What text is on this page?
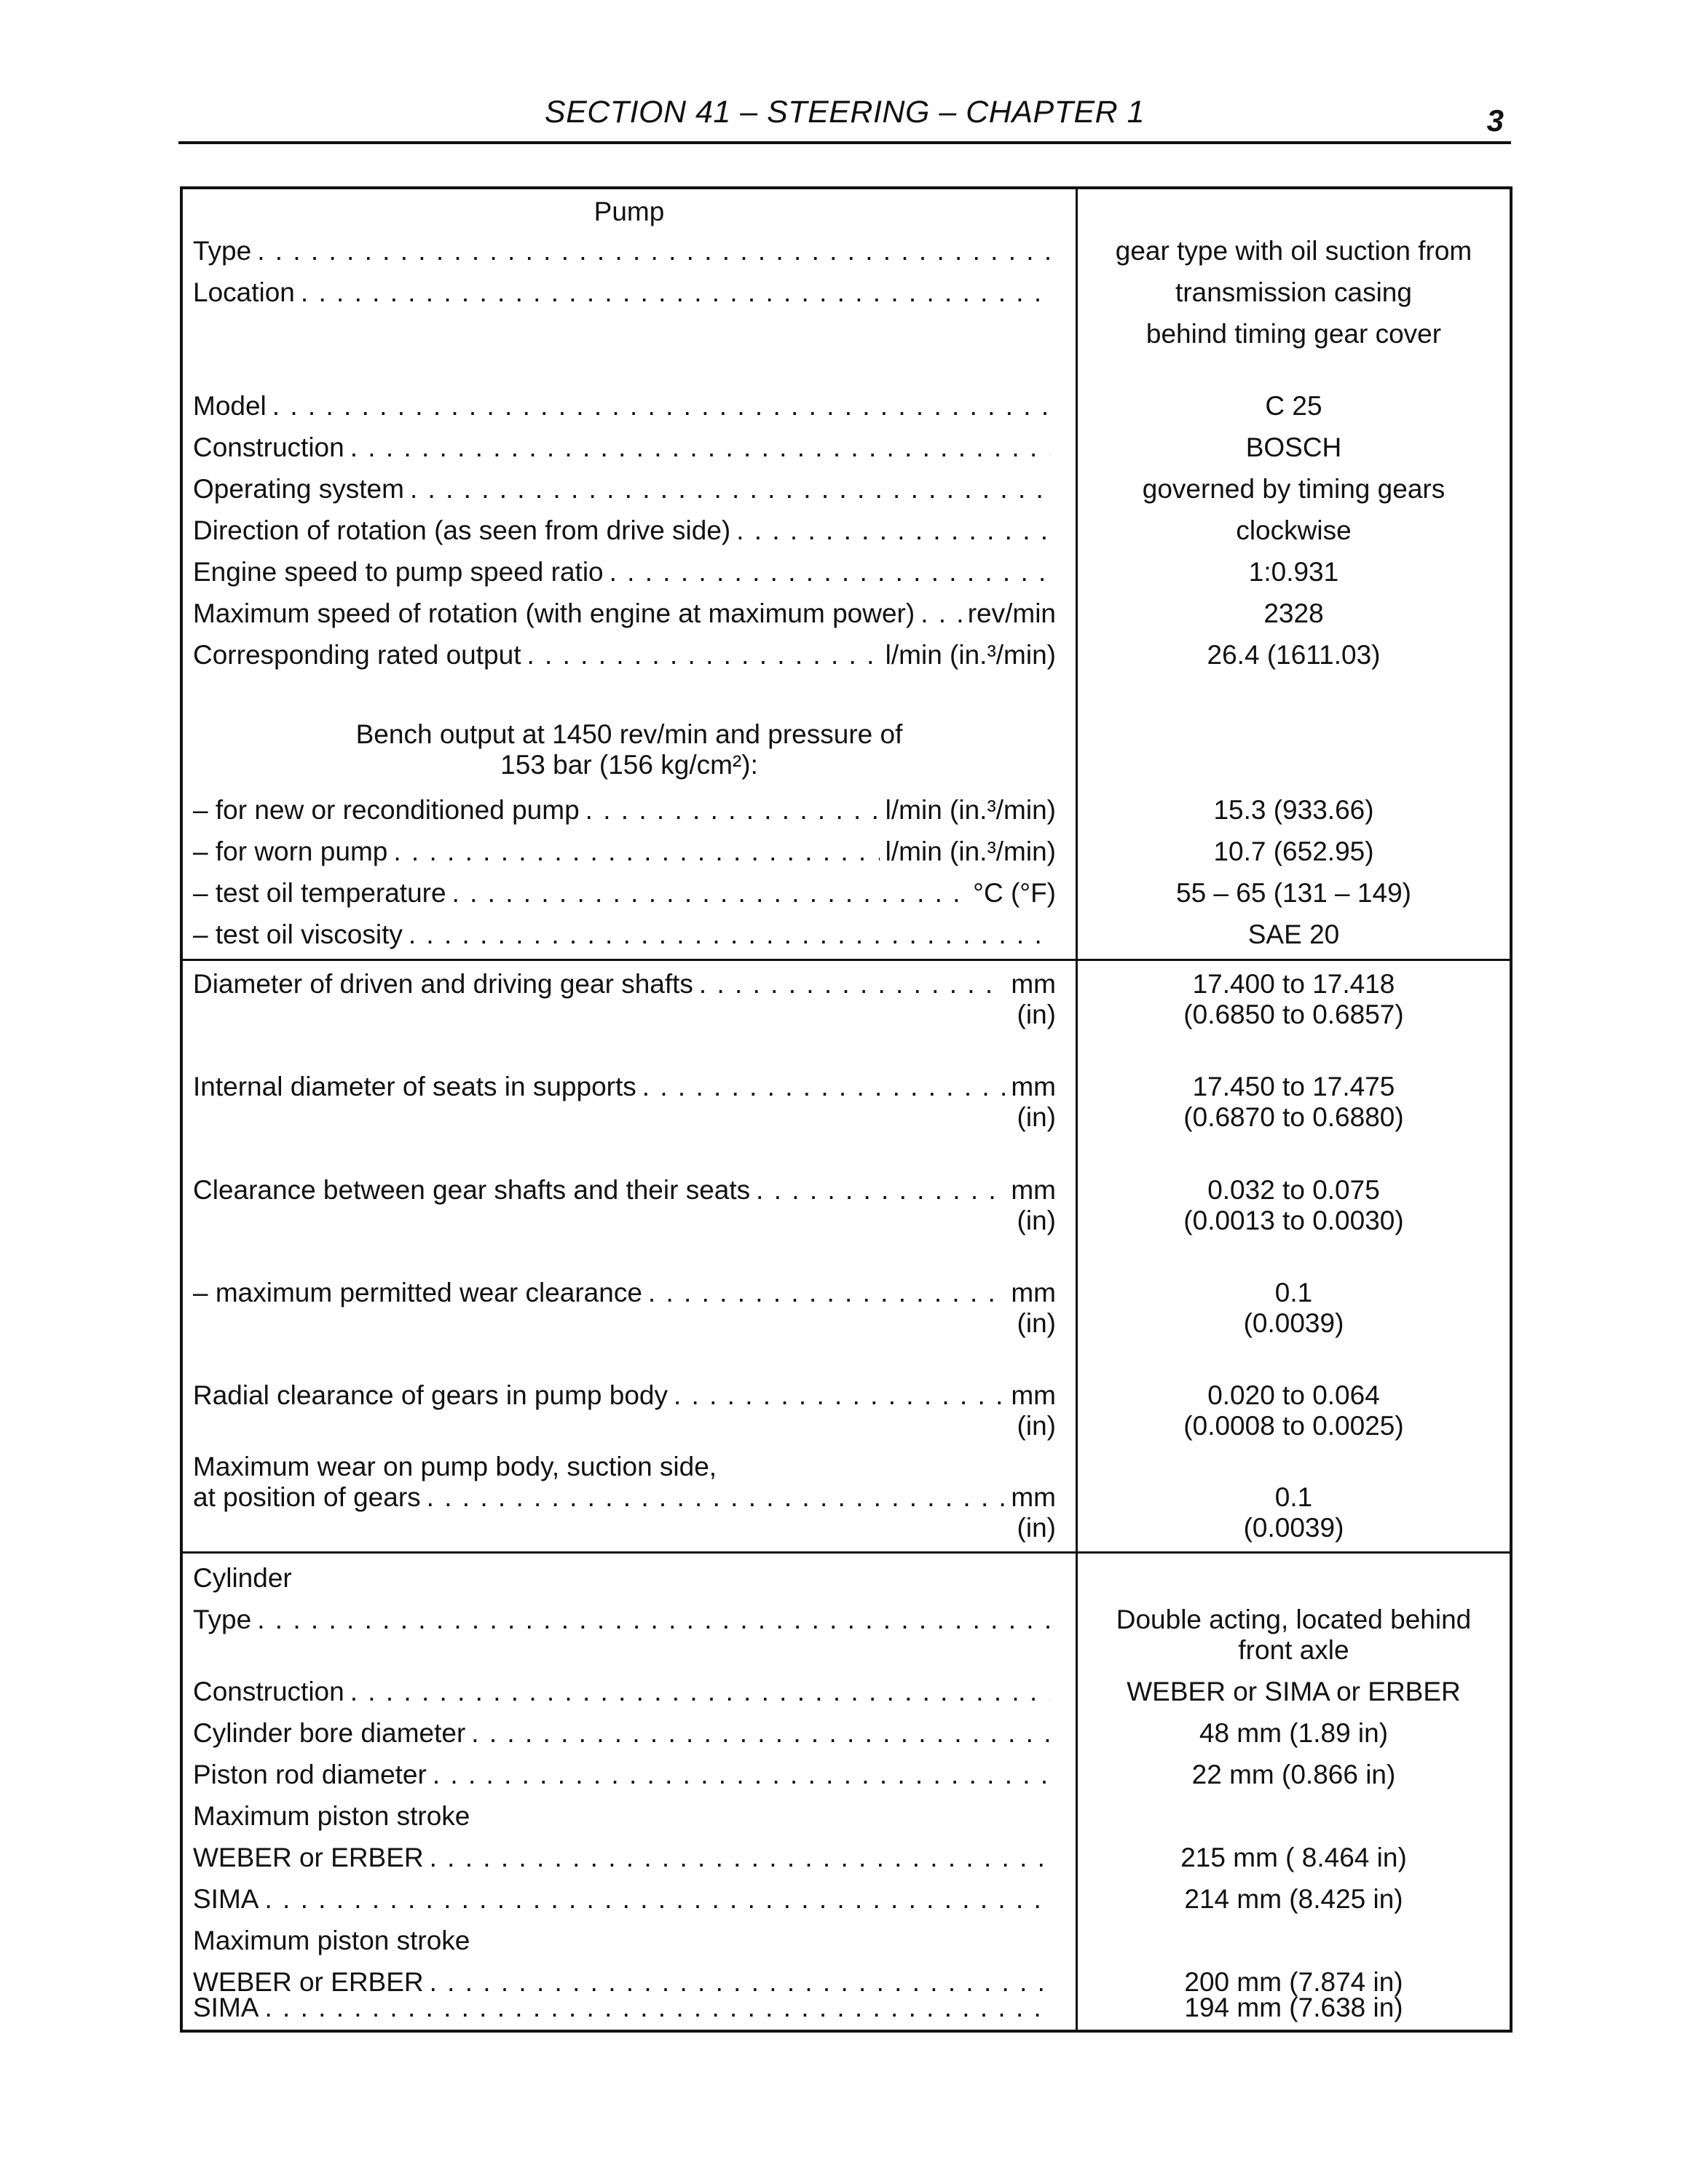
SECTION 41 – STEERING – CHAPTER 1	3
Pump
Type . . .	gear type with oil suction from
Location . . .	transmission casing
behind timing gear cover
Model . . .	C 25
Construction . . .	BOSCH
Operating system . . .	governed by timing gears
Direction of rotation (as seen from drive side) . . .	clockwise
Engine speed to pump speed ratio . . .	1:0.931
Maximum speed of rotation (with engine at maximum power) . . . rev/min	2328
Corresponding rated output . . .	l/min (in.³/min)	26.4 (1611.03)
Bench output at 1450 rev/min and pressure of
153 bar (156 kg/cm²):
– for new or reconditioned pump . . .	l/min (in.³/min)	15.3 (933.66)
– for worn pump . . .	l/min (in.³/min)	10.7 (652.95)
– test oil temperature . . .	°C (°F)	55 – 65 (131 – 149)
– test oil viscosity . . .	SAE 20
Diameter of driven and driving gear shafts . . .	mm	17.400 to 17.418
(in)	(0.6850 to 0.6857)
Internal diameter of seats in supports . . .	mm	17.450 to 17.475
(in)	(0.6870 to 0.6880)
Clearance between gear shafts and their seats . . .	mm	0.032 to 0.075
(in)	(0.0013 to 0.0030)
– maximum permitted wear clearance . . .	mm	0.1
(in)	(0.0039)
Radial clearance of gears in pump body . . .	mm	0.020 to 0.064
(in)	(0.0008 to 0.0025)
Maximum wear on pump body, suction side,
at position of gears . . .	mm	0.1
(in)	(0.0039)
Cylinder
Type . . .	Double acting, located behind
front axle
Construction . . .	WEBER or SIMA or ERBER
Cylinder bore diameter . . .	48 mm (1.89 in)
Piston rod diameter . . .	22 mm (0.866 in)
Maximum piston stroke
WEBER or ERBER . . .	215 mm ( 8.464 in)
SIMA . . .	214 mm (8.425 in)
Maximum piston stroke
WEBER or ERBER . . .	200 mm (7.874 in)
SIMA . . .	194 mm (7.638 in)
